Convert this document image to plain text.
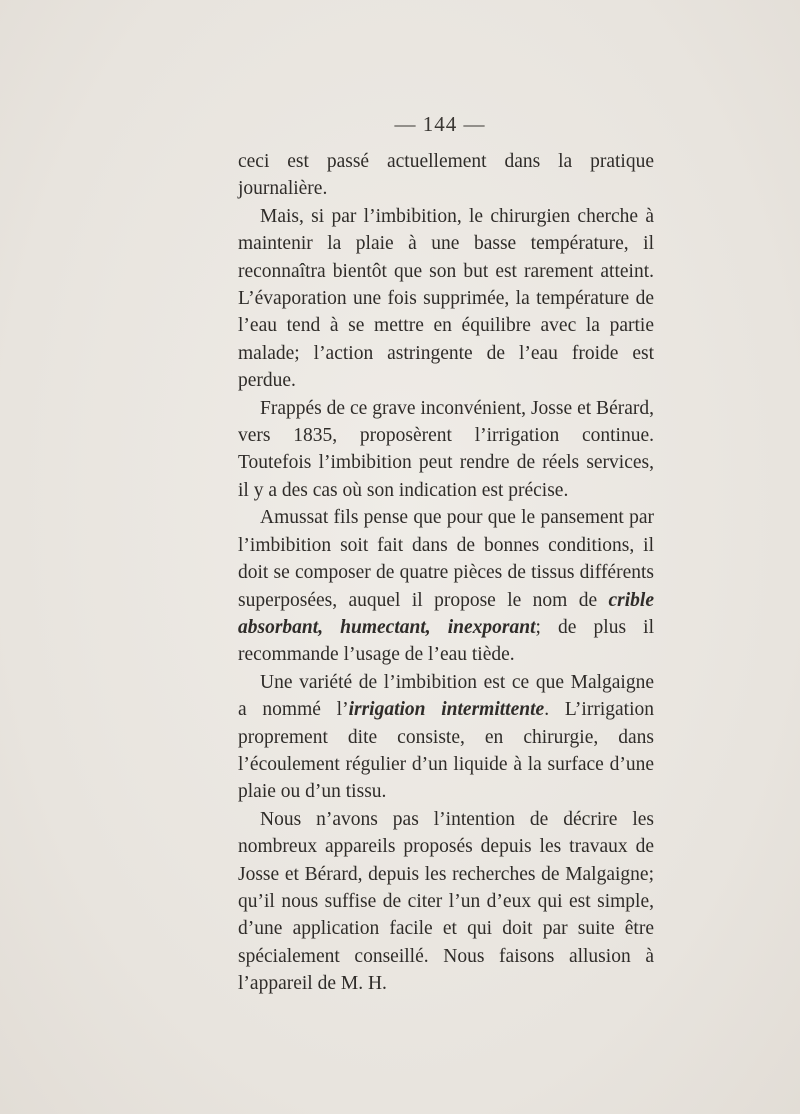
— 144 —

ceci est passé actuellement dans la pratique journalière.

Mais, si par l’imbibition, le chirurgien cherche à maintenir la plaie à une basse température, il reconnaîtra bientôt que son but est rarement atteint. L’évaporation une fois supprimée, la température de l’eau tend à se mettre en équilibre avec la partie malade; l’action astringente de l’eau froide est perdue.

Frappés de ce grave inconvénient, Josse et Bérard, vers 1835, proposèrent l’irrigation continue. Toutefois l’imbibition peut rendre de réels services, il y a des cas où son indication est précise.

Amussat fils pense que pour que le pansement par l’imbibition soit fait dans de bonnes conditions, il doit se composer de quatre pièces de tissus différents superposées, auquel il propose le nom de crible absorbant, humectant, inexporant; de plus il recommande l’usage de l’eau tiède.

Une variété de l’imbibition est ce que Malgaigne a nommé l’irrigation intermittente. L’irrigation proprement dite consiste, en chirurgie, dans l’écoulement régulier d’un liquide à la surface d’une plaie ou d’un tissu.

Nous n’avons pas l’intention de décrire les nombreux appareils proposés depuis les travaux de Josse et Bérard, depuis les recherches de Malgaigne; qu’il nous suffise de citer l’un d’eux qui est simple, d’une application facile et qui doit par suite être spécialement conseillé. Nous faisons allusion à l’appareil de M. H.
